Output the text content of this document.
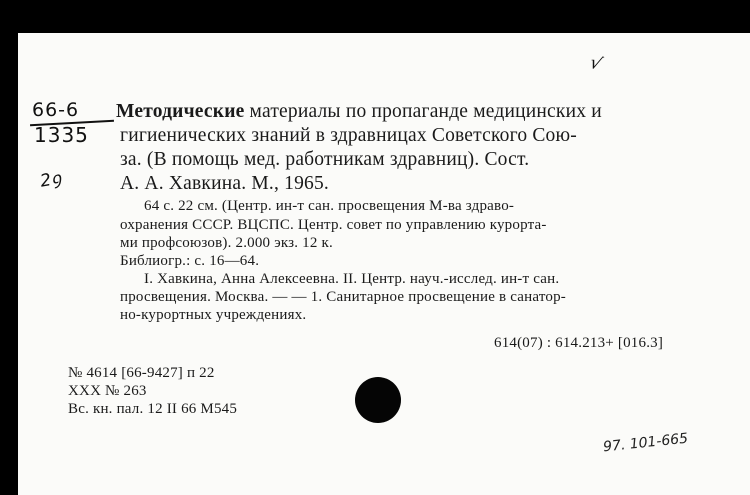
√
66-6
1335
2ꝯ
Методические материалы по пропаганде медицинских и
гигиенических знаний в здравницах Советского Сою-
за. (В помощь мед. работникам здравниц). Сост.
А. А. Хавкина. М., 1965.
64 с. 22 см. (Центр. ин-т сан. просвещения М-ва здраво-
охранения СССР. ВЦСПС. Центр. совет по управлению курорта-
ми профсоюзов). 2.000 экз. 12 к.
Библиогр.: с. 16—64.
I. Хавкина, Анна Алексеевна. II. Центр. науч.-исслед. ин-т сан.
просвещения. Москва. — — 1. Санитарное просвещение в санатор-
но-курортных учреждениях.
614(07) : 614.213+ [016.3]
№ 4614 [66-9427] п 22
ХХХ № 263
Вс. кн. пал. 12 II 66 М545
97. 101-665
